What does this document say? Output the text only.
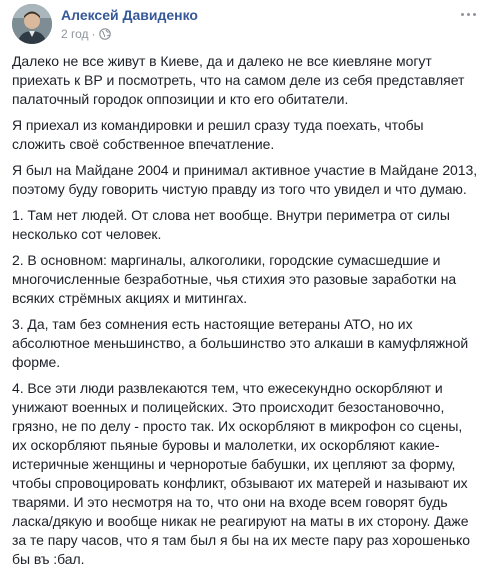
Алексей Давиденко
2 год ·

Далеко не все живут в Киеве, да и далеко не все киевляне могут приехать к ВР и посмотреть, что на самом деле из себя представляет палаточный городок оппозиции и кто его обитатели.

Я приехал из командировки и решил сразу туда поехать, чтобы сложить своё собственное впечатление.

Я был на Майдане 2004 и принимал активное участие в Майдане 2013, поэтому буду говорить чистую правду из того что увидел и что думаю.

1. Там нет людей. От слова нет вообще. Внутри периметра от силы несколько сот человек.

2. В основном: маргиналы, алкоголики, городские сумасшедшие и многочисленные безработные, чья стихия это разовые заработки на всяких стрёмных акциях и митингах.

3. Да, там без сомнения есть настоящие ветераны АТО, но их абсолютное меньшинство, а большинство это алкаши в камуфляжной форме.

4. Все эти люди развлекаются тем, что ежесекундно оскорбляют и унижают военных и полицейских. Это происходит безостановочно, грязно, не по делу - просто так. Их оскорбляют в микрофон со сцены, их оскорбляют пьяные буровы и малолетки, их оскорбляют какие-истеричные женщины и черноротые бабушки, их цепляют за форму, чтобы спровоцировать конфликт, обзывают их матерей и называют их тварями. И это несмотря на то, что они на входе всем говорят будь ласка/дякую и вообще никак не реагируют на маты в их сторону. Даже за те пару часов, что я там был я бы на их месте пару раз хорошенько бы въ :бал.
